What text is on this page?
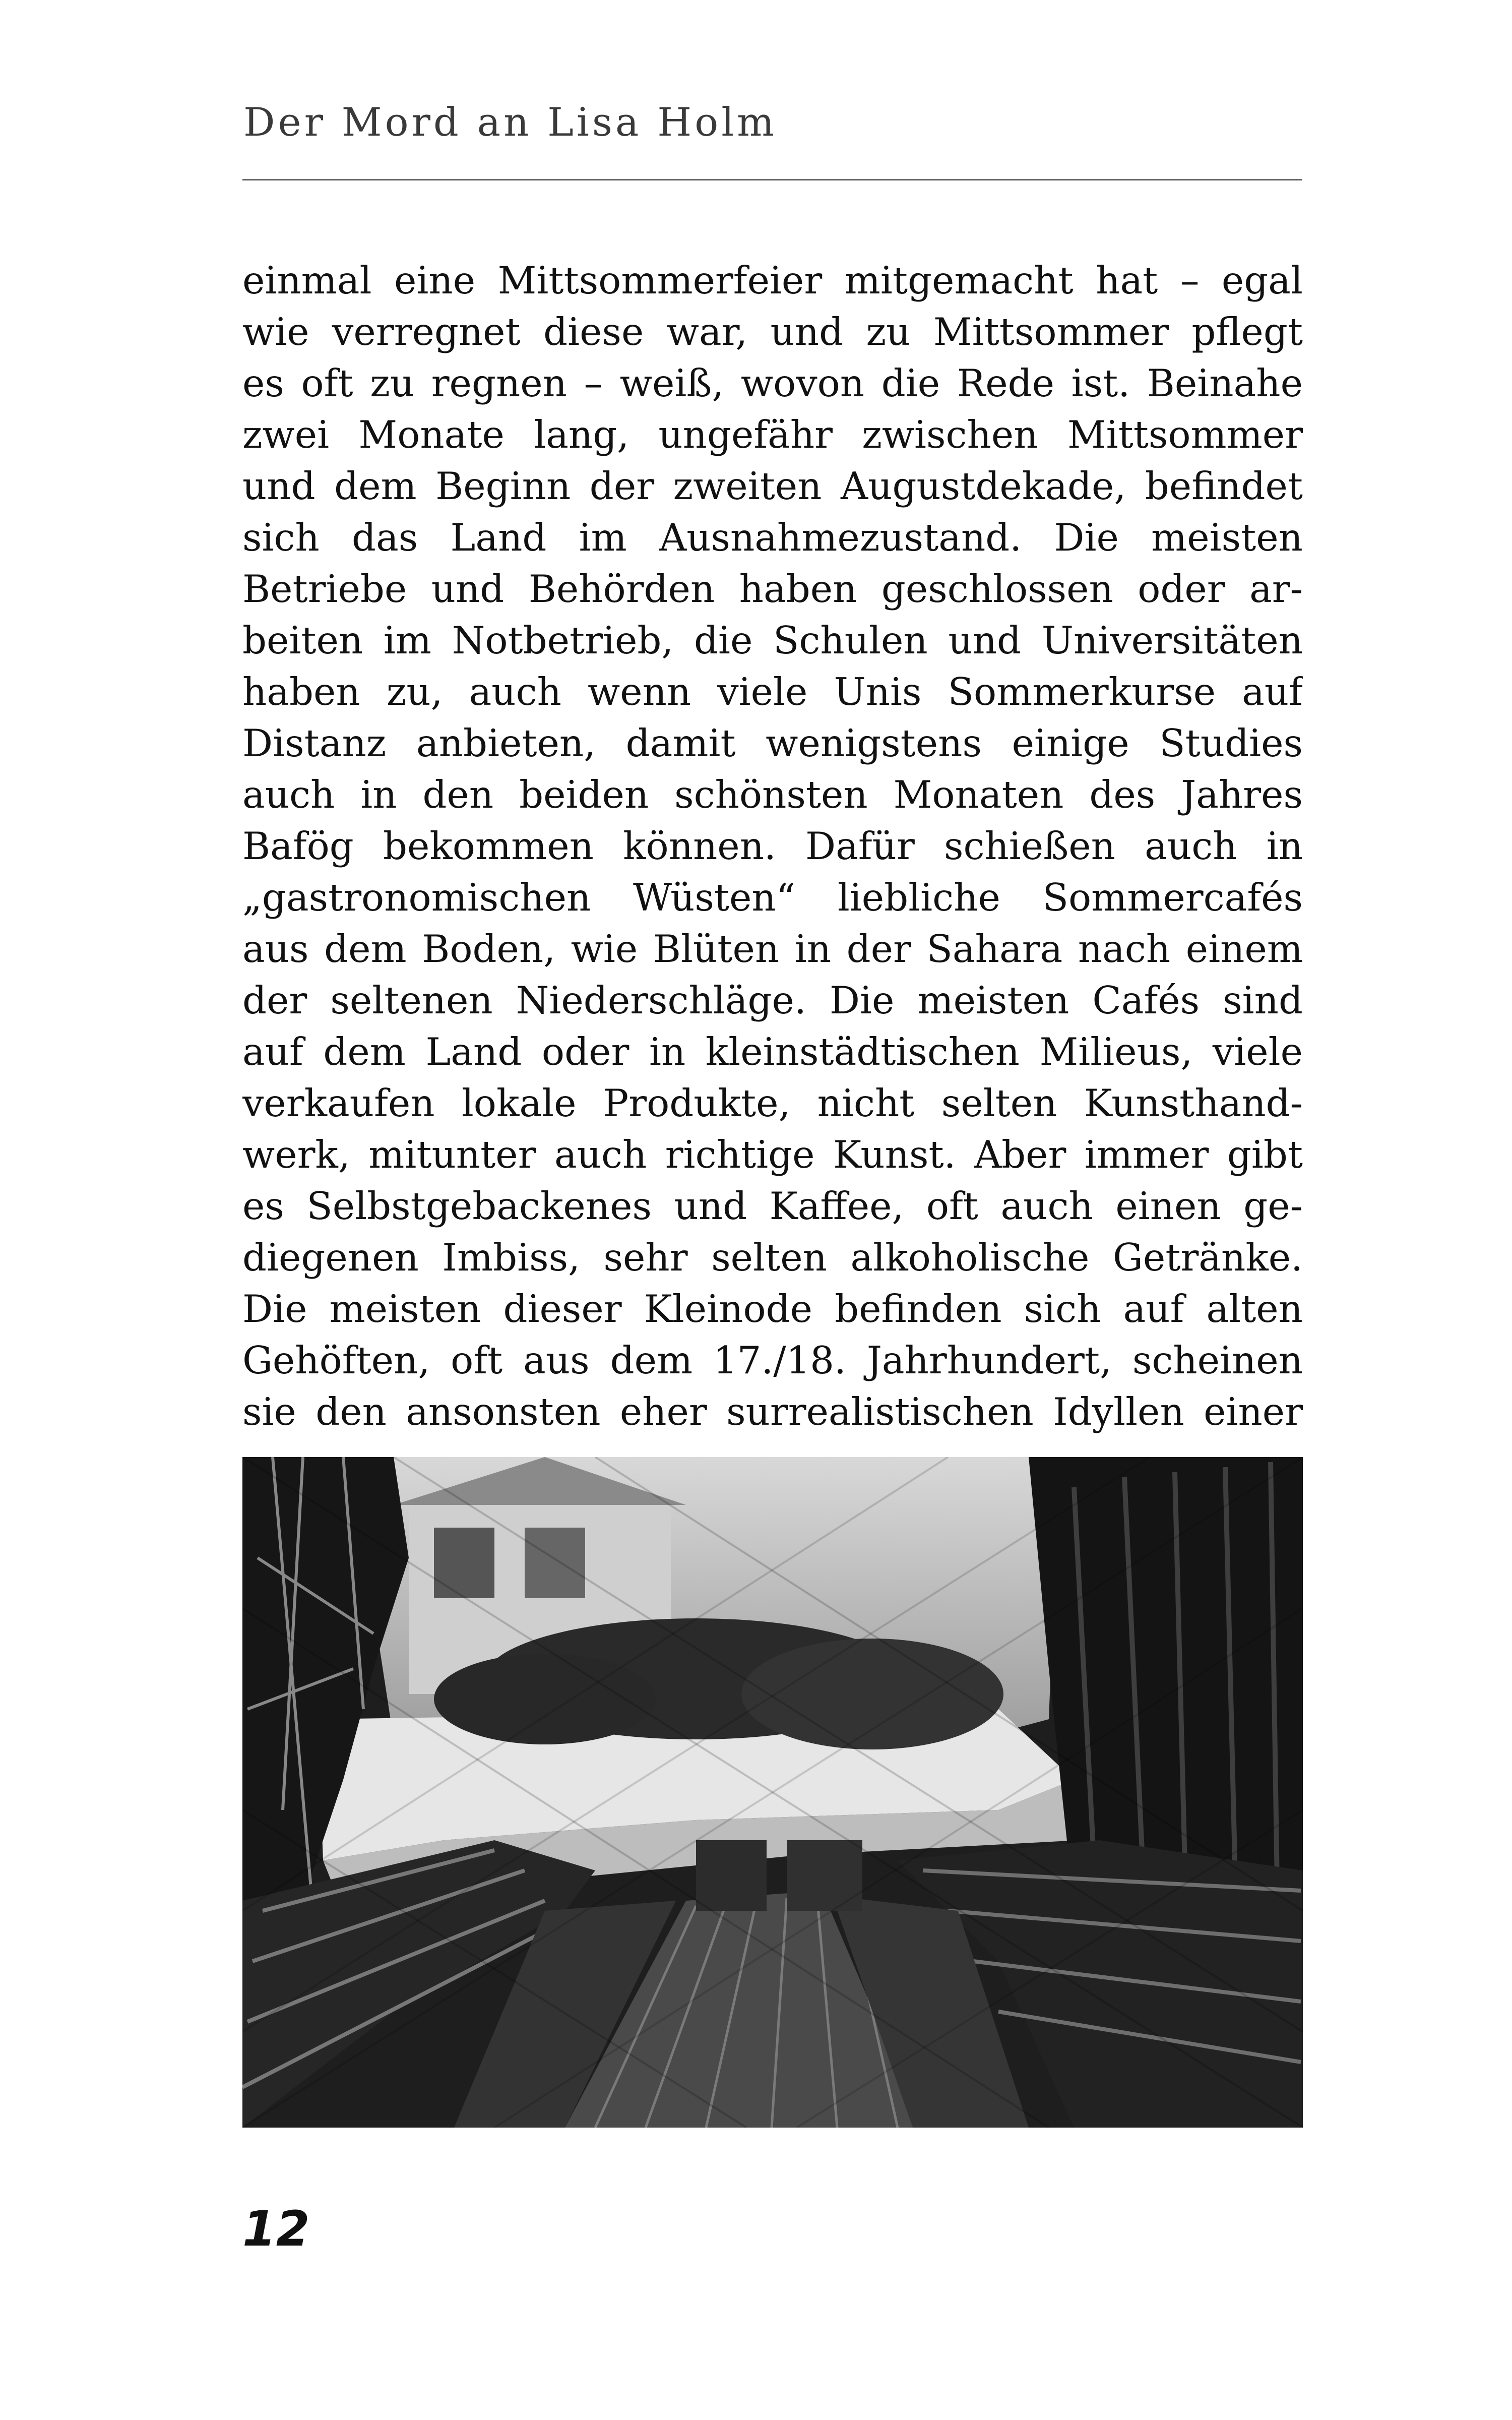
Der Mord an Lisa Holm
einmal eine Mittsommerfeier mitgemacht hat – egal
wie verregnet diese war, und zu Mittsommer pflegt
es oft zu regnen – weiß, wovon die Rede ist. Beinahe
zwei Monate lang, ungefähr zwischen Mittsommer
und dem Beginn der zweiten Augustdekade, befindet
sich das Land im Ausnahmezustand. Die meisten
Betriebe und Behörden haben geschlossen oder ar-
beiten im Notbetrieb, die Schulen und Universitäten
haben zu, auch wenn viele Unis Sommerkurse auf
Distanz anbieten, damit wenigstens einige Studies
auch in den beiden schönsten Monaten des Jahres
Bafög bekommen können. Dafür schießen auch in
„gastronomischen Wüsten“ liebliche Sommercafés
aus dem Boden, wie Blüten in der Sahara nach einem
der seltenen Niederschläge. Die meisten Cafés sind
auf dem Land oder in kleinstädtischen Milieus, viele
verkaufen lokale Produkte, nicht selten Kunsthand-
werk, mitunter auch richtige Kunst. Aber immer gibt
es Selbstgebackenes und Kaffee, oft auch einen ge-
diegenen Imbiss, sehr selten alkoholische Getränke.
Die meisten dieser Kleinode befinden sich auf alten
Gehöften, oft aus dem 17./18. Jahrhundert, scheinen
sie den ansonsten eher surrealistischen Idyllen einer
12
